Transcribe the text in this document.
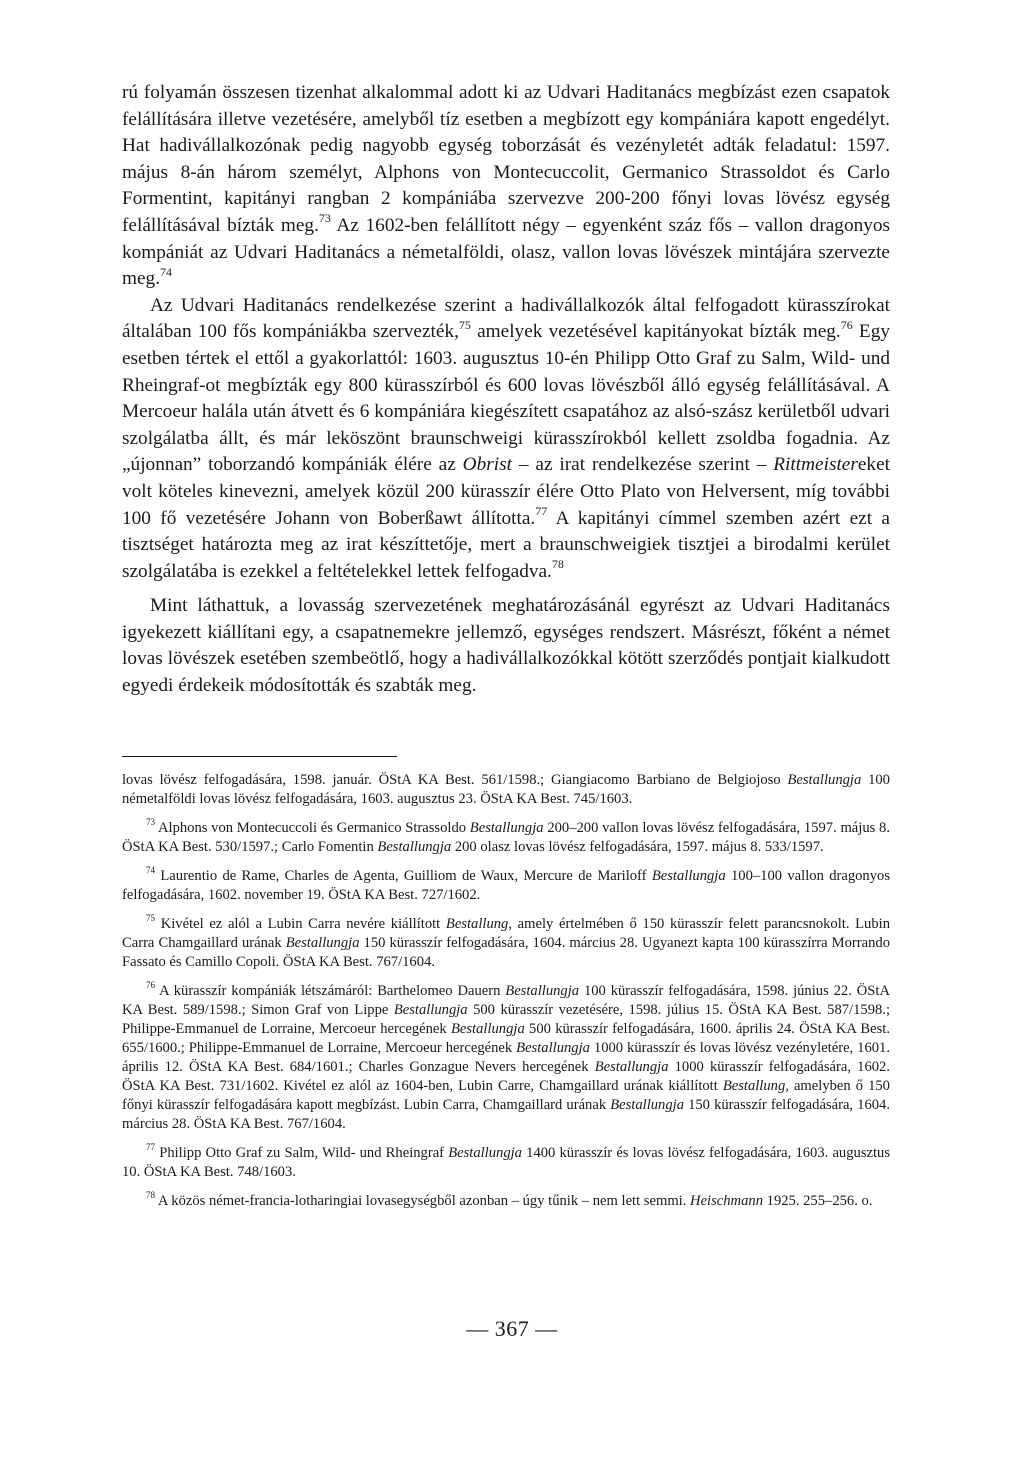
rú folyamán összesen tizenhat alkalommal adott ki az Udvari Haditanács megbízást ezen csapatok felállítására illetve vezetésére, amelyből tíz esetben a megbízott egy kompániára kapott engedélyt. Hat hadivállalkozónak pedig nagyobb egység toborzását és vezényletét adták feladatul: 1597. május 8-án három személyt, Alphons von Montecuccolit, Germanico Strassoldot és Carlo Formentint, kapitányi rangban 2 kompániába szervezve 200-200 főnyi lovas lövész egység felállításával bízták meg.$^{73}$ Az 1602-ben felállított négy – egyenként száz fős – vallon dragonyos kompániát az Udvari Haditanács a németalföldi, olasz, vallon lovas lövészek mintájára szervezte meg.$^{74}$

Az Udvari Haditanács rendelkezése szerint a hadivállalkozók által felfogadott kürasszírokat általában 100 fős kompániákba szervezték,$^{75}$ amelyek vezetésével kapitányokat bízták meg.$^{76}$ Egy esetben tértek el ettől a gyakorlattól: 1603. augusztus 10-én Philipp Otto Graf zu Salm, Wild- und Rheingraf-ot megbízták egy 800 kürasszírból és 600 lovas lövészből álló egység felállításával. A Mercoeur halála után átvett és 6 kompániára kiegészített csapatához az alsó-szász kerületből udvari szolgálatba állt, és már leköszönt braunschweigi kürasszírokból kellett zsoldba fogadnia. Az „újonnan” toborzandó kompániák élére az Obrist – az irat rendelkezése szerint – Rittmeistereket volt köteles kinevezni, amelyek közül 200 kürasszír élére Otto Plato von Helversent, míg további 100 fő vezetésére Johann von Boberßawt állította.$^{77}$ A kapitányi címmel szemben azért ezt a tisztséget határozta meg az irat készíttetője, mert a braunschweigiek tisztjei a birodalmi kerület szolgálatába is ezekkel a feltételekkel lettek felfogadva.$^{78}$

Mint láthattuk, a lovasság szervezetének meghatározásánál egyrészt az Udvari Haditanács igyekezett kiállítani egy, a csapatnemekre jellemző, egységes rendszert. Másrészt, főként a német lovas lövészek esetében szembeötlő, hogy a hadivállalkozókkal kötött szerződés pontjait kialkudott egyedi érdekeik módosították és szabták meg.

lovas lövész felfogadására, 1598. január. ÖStA KA Best. 561/1598.; Giangiacomo Barbiano de Belgiojoso Bestallungja 100 németalföldi lovas lövész felfogadására, 1603. augusztus 23. ÖStA KA Best. 745/1603.

$^{73}$ Alphons von Montecuccoli és Germanico Strassoldo Bestallungja 200–200 vallon lovas lövész felfogadására, 1597. május 8. ÖStA KA Best. 530/1597.; Carlo Fomentin Bestallungja 200 olasz lovas lövész felfogadására, 1597. május 8. 533/1597.

$^{74}$ Laurentio de Rame, Charles de Agenta, Guilliom de Waux, Mercure de Mariloff Bestallungja 100–100 vallon dragonyos felfogadására, 1602. november 19. ÖStA KA Best. 727/1602.

$^{75}$ Kivétel ez alól a Lubin Carra nevére kiállított Bestallung, amely értelmében ő 150 kürasszír felett parancsnokolt. Lubin Carra Chamgaillard urának Bestallungja 150 kürasszír felfogadására, 1604. március 28. Ugyanezt kapta 100 kürasszírra Morrando Fassato és Camillo Copoli. ÖStA KA Best. 767/1604.

$^{76}$ A kürasszír kompániák létszámáról: Barthelomeo Dauern Bestallungja 100 kürasszír felfogadására, 1598. június 22. ÖStA KA Best. 589/1598.; Simon Graf von Lippe Bestallungja 500 kürasszír vezetésére, 1598. július 15. ÖStA KA Best. 587/1598.; Philippe-Emmanuel de Lorraine, Mercoeur hercegének Bestallungja 500 kürasszír felfogadására, 1600. április 24. ÖStA KA Best. 655/1600.; Philippe-Emmanuel de Lorraine, Mercoeur hercegének Bestallungja 1000 kürasszír és lovas lövész vezényletére, 1601. április 12. ÖStA KA Best. 684/1601.; Charles Gonzague Nevers hercegének Bestallungja 1000 kürasszír felfogadására, 1602. ÖStA KA Best. 731/1602. Kivétel ez alól az 1604-ben, Lubin Carre, Chamgaillard urának kiállított Bestallung, amelyben ő 150 főnyi kürasszír felfogadására kapott megbízást. Lubin Carra, Chamgaillard urának Bestallungja 150 kürasszír felfogadására, 1604. március 28. ÖStA KA Best. 767/1604.

$^{77}$ Philipp Otto Graf zu Salm, Wild- und Rheingraf Bestallungja 1400 kürasszír és lovas lövész felfogadására, 1603. augusztus 10. ÖStA KA Best. 748/1603.

$^{78}$ A közös német-francia-lotharingiai lovasegységből azonban – úgy tűnik – nem lett semmi. Heischmann 1925. 255–256. o.

— 367 —
